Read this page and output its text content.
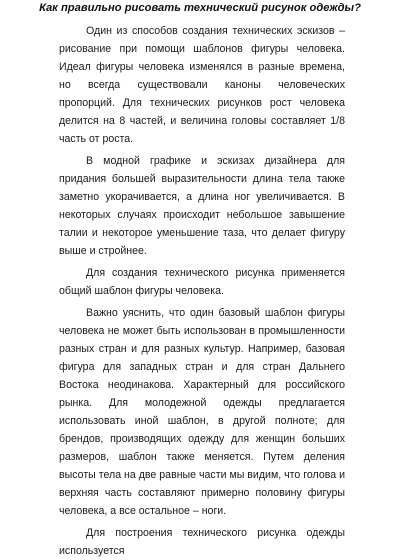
Как правильно рисовать технический рисунок одежды?

Один из способов создания технических эскизов – рисование при помощи шаблонов фигуры человека. Идеал фигуры человека изменялся в разные времена, но всегда существовали каноны человеческих пропорций. Для технических рисунков рост человека делится на 8 частей, и величина головы составляет 1/8 часть от роста.

В модной графике и эскизах дизайнера для придания большей выразительности длина тела также заметно укорачивается, а длина ног увеличивается. В некоторых случаях происходит небольшое завышение талии и некоторое уменьшение таза, что делает фигуру выше и стройнее.

Для создания технического рисунка применяется общий шаблон фигуры человека.

Важно уяснить, что один базовый шаблон фигуры человека не может быть использован в промышленности разных стран и для разных культур. Например, базовая фигура для западных стран и для стран Дальнего Востока неодинакова. Характерный для российского рынка. Для молодежной одежды предлагается использовать иной шаблон, в другой полноте; для брендов, производящих одежду для женщин больших размеров, шаблон также меняется. Путем деления высоты тела на две равные части мы видим, что голова и верхняя часть составляют примерно половину фигуры человека, а все остальное – ноги.

Для построения технического рисунка одежды используется
